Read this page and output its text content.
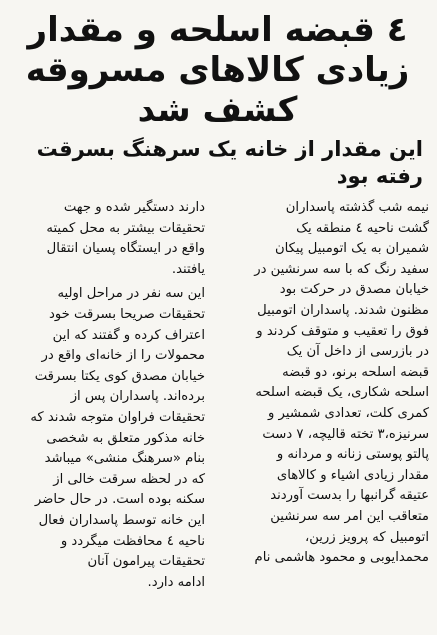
٤ قبضه اسلحه و مقدار
زیادی کالاهای مسروقه
کشف شد
این مقدار از خانه یک سرهنگ بسرقت رفته بود

نیمه شب گذشته پاسداران
گشت ناحیه ٤ منطقه یک
شمیران به یک اتومبیل پیکان
سفید رنگ که با سه سرنشین در
خیابان مصدق در حرکت بود
مظنون شدند. پاسداران اتومبیل
فوق را تعقیب و متوقف کردند و
در بازرسی از داخل آن یک
قبضه اسلحه برنو، دو قبضه
اسلحه شکاری، یک قبضه اسلحه
کمری کلت، تعدادی شمشیر و
سرنیزه،۳ تخته قالیچه، ۷ دست
پالتو پوستی زنانه و مردانه و
مقدار زیادی اشیاء و کالاهای
عتیقه گرانبها را بدست آوردند
متعاقب این امر سه سرنشین
اتومبیل که پرویز زرین،
محمدایوبی و محمود هاشمی نام

دارند دستگیر شده و جهت
تحقیقات بیشتر به محل کمیته
واقع در ایستگاه پسیان انتقال
یافتند.

این سه نفر در مراحل اولیه
تحقیقات صریحا بسرقت خود
اعتراف کرده و گفتند که این
محمولات را از خانه‌ای واقع در
خیابان مصدق کوی یکتا بسرقت
برده‌اند. پاسداران پس از
تحقیقات فراوان متوجه شدند که
خانه مذکور متعلق به شخصی
بنام «سرهنگ منشی» میباشد
که در لحظه سرقت خالی از
سکنه بوده است. در حال حاضر
این خانه توسط پاسداران فعال
ناحیه ٤ محافظت میگردد و
تحقیقات پیرامون آنان
ادامه دارد.
